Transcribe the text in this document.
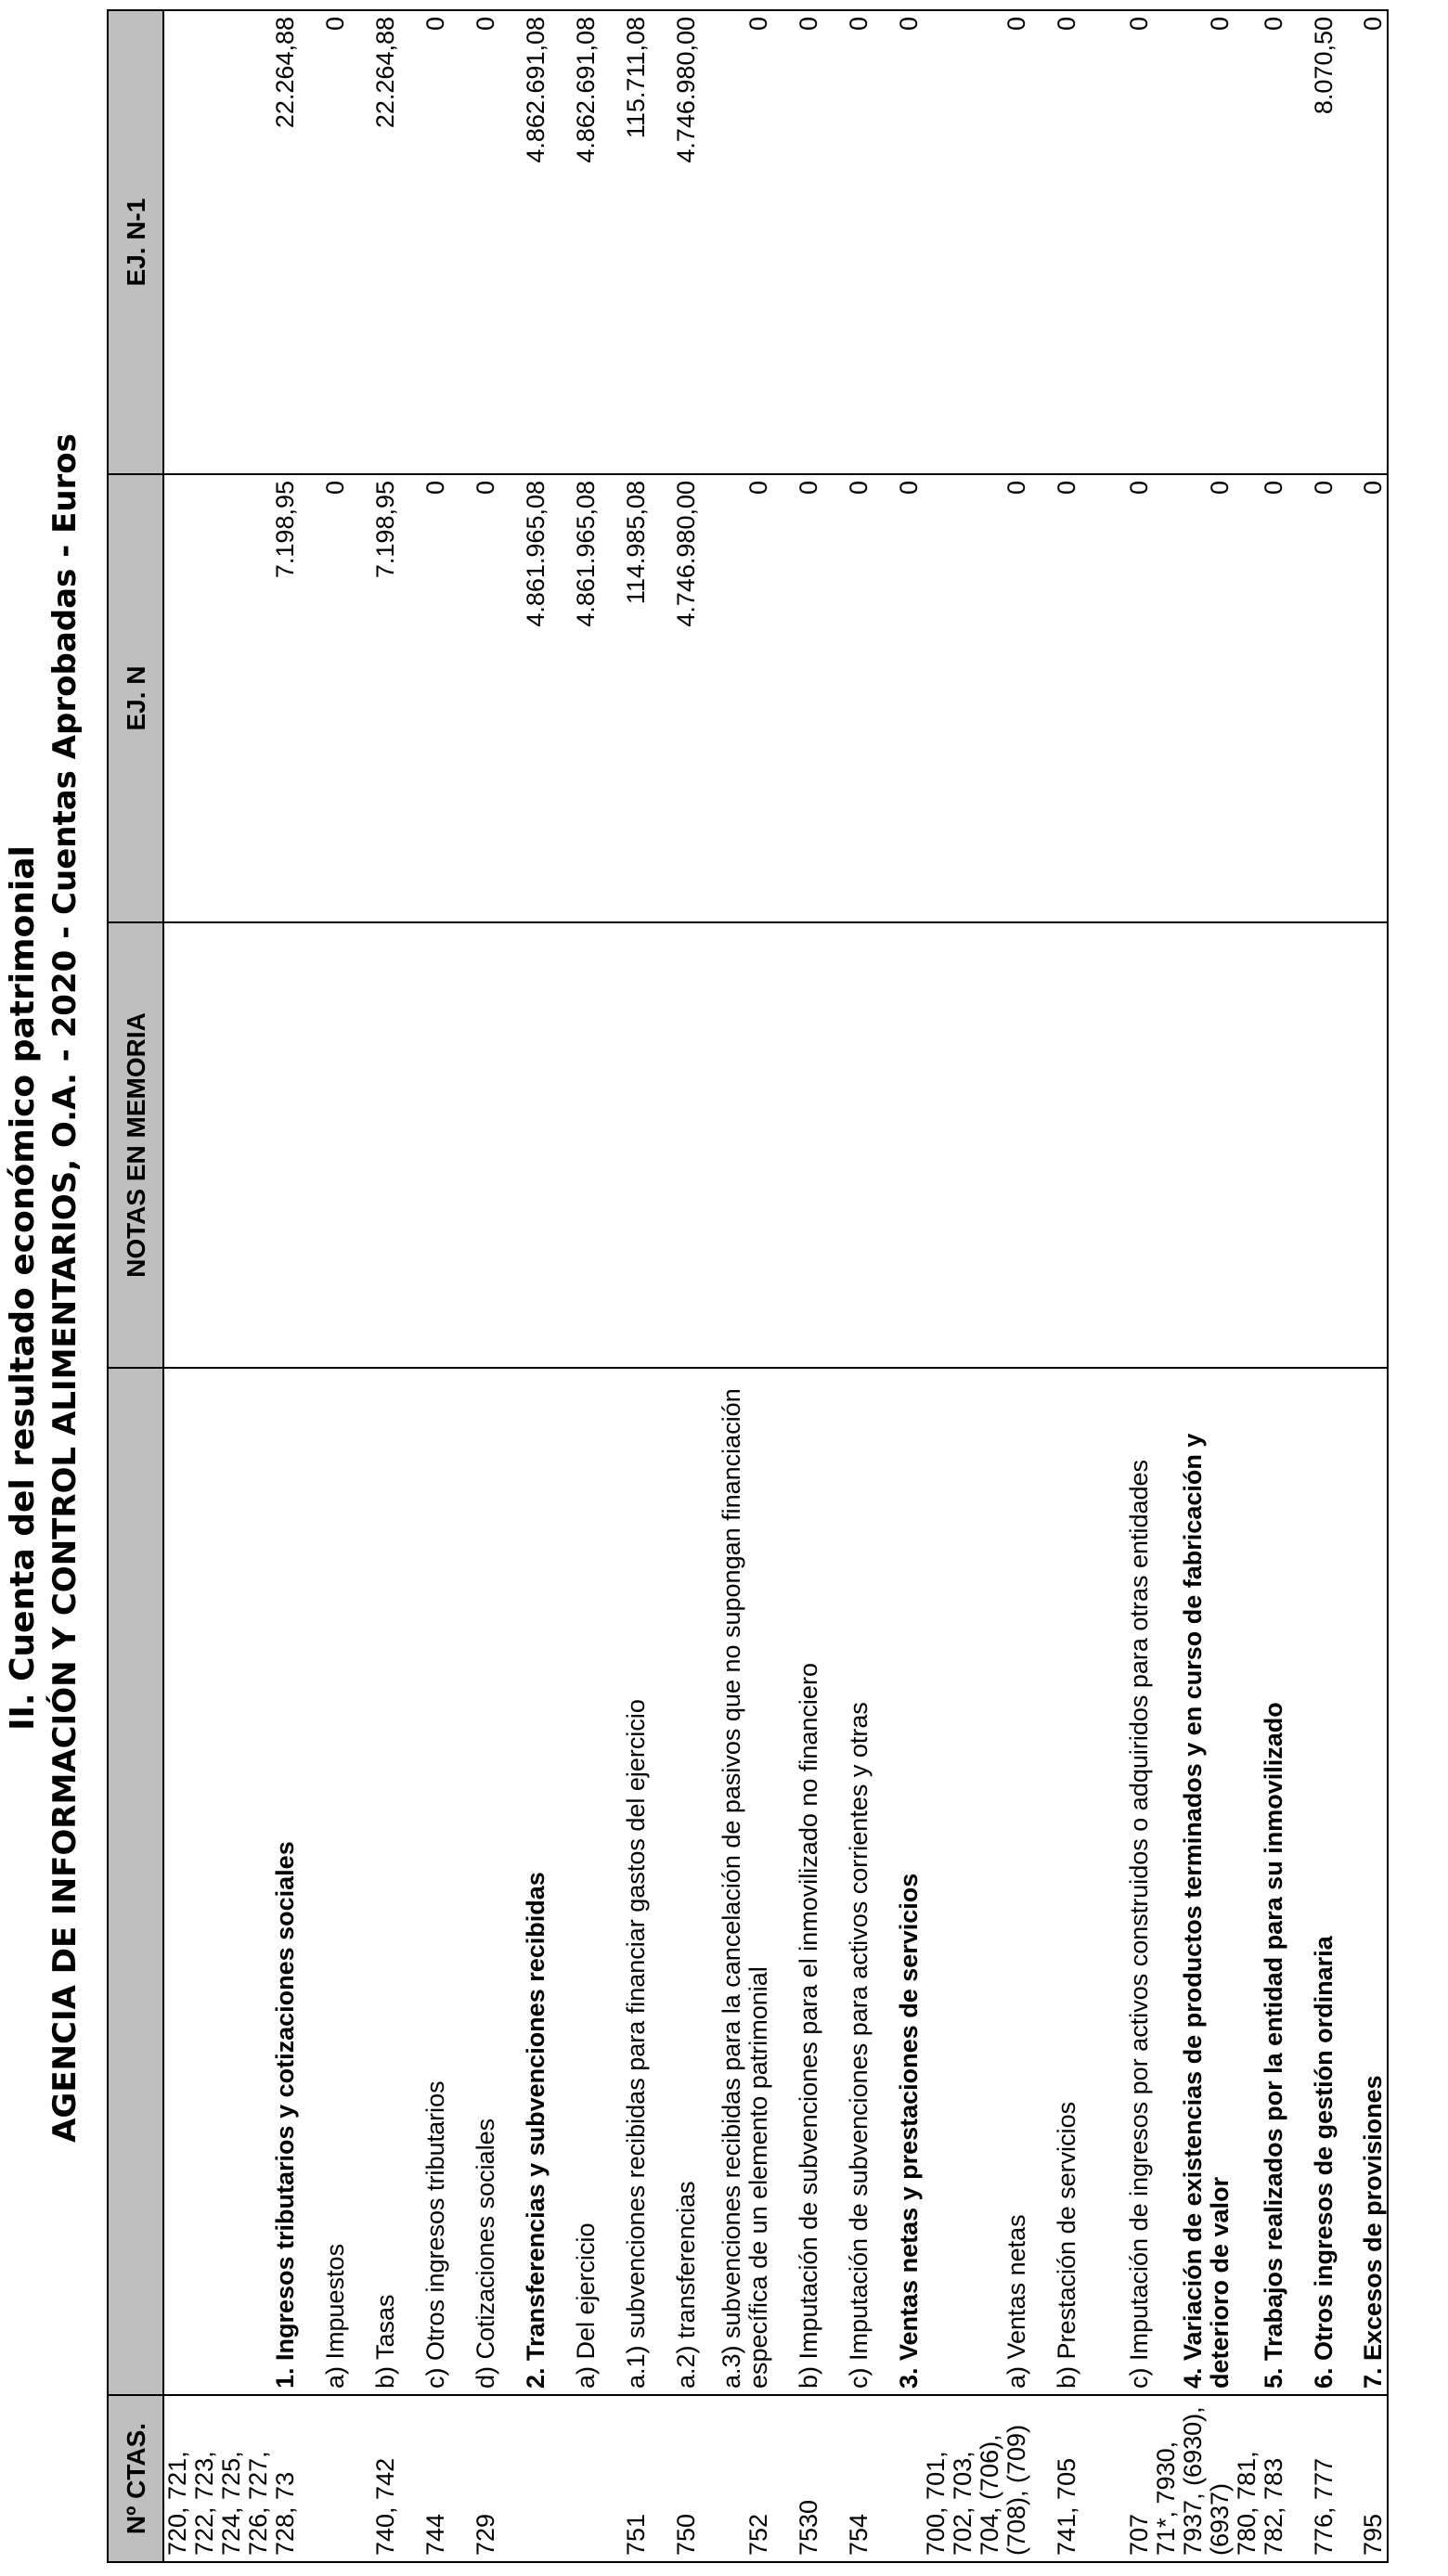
II. Cuenta del resultado económico patrimonial AGENCIA DE INFORMACIÓN Y CONTROL ALIMENTARIOS, O.A. - 2020 - Cuentas Aprobadas - Euros
Nº CTAS.		NOTAS EN MEMORIA	EJ. N	EJ. N-1
720, 721, 722, 723, 724, 725, 726, 727, 728, 73	1. Ingresos tributarios y cotizaciones sociales		7.198,95	22.264,88
	a) Impuestos		0	0
740, 742	b) Tasas		7.198,95	22.264,88
744	c) Otros ingresos tributarios		0	0
729	d) Cotizaciones sociales		0	0
	2. Transferencias y subvenciones recibidas		4.861.965,08	4.862.691,08
	a) Del ejercicio		4.861.965,08	4.862.691,08
751	a.1) subvenciones recibidas para financiar gastos del ejercicio		114.985,08	115.711,08
750	a.2) transferencias		4.746.980,00	4.746.980,00
752	a.3) subvenciones recibidas para la cancelación de pasivos que no supongan financiación específica de un elemento patrimonial		0	0
7530	b) Imputación de subvenciones para el inmovilizado no financiero		0	0
754	c) Imputación de subvenciones para activos corrientes y otras		0	0
	3. Ventas netas y prestaciones de servicios		0	0
700, 701, 702, 703, 704, (706), (708), (709)	a) Ventas netas		0	0
741, 705	b) Prestación de servicios		0	0
707	c) Imputación de ingresos por activos construidos o adquiridos para otras entidades		0	0
71*, 7930, 7937, (6930), (6937)	4. Variación de existencias de productos terminados y en curso de fabricación y deterioro de valor		0	0
780, 781, 782, 783	5. Trabajos realizados por la entidad para su inmovilizado		0	0
776, 777	6. Otros ingresos de gestión ordinaria		0	8.070,50
795	7. Excesos de provisiones		0	0
